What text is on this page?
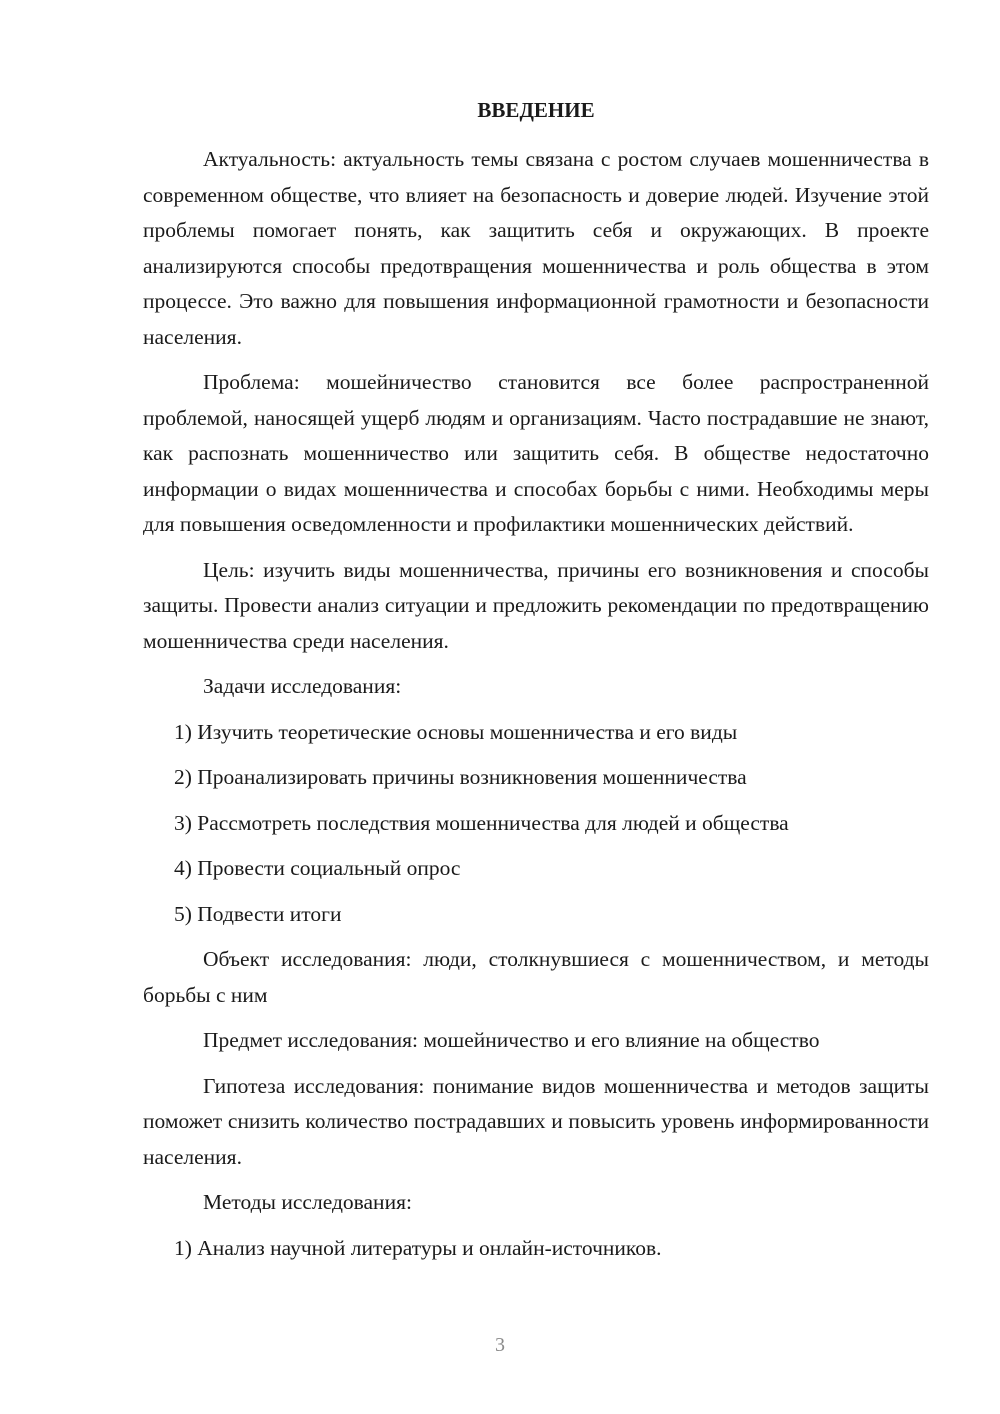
ВВЕДЕНИЕ

Актуальность: актуальность темы связана с ростом случаев мошенничества в современном обществе, что влияет на безопасность и доверие людей. Изучение этой проблемы помогает понять, как защитить себя и окружающих. В проекте анализируются способы предотвращения мошенничества и роль общества в этом процессе. Это важно для повышения информационной грамотности и безопасности населения.

Проблема: мошейничество становится все более распространенной проблемой, наносящей ущерб людям и организациям. Часто пострадавшие не знают, как распознать мошенничество или защитить себя. В обществе недостаточно информации о видах мошенничества и способах борьбы с ними. Необходимы меры для повышения осведомленности и профилактики мошеннических действий.

Цель: изучить виды мошенничества, причины его возникновения и способы защиты. Провести анализ ситуации и предложить рекомендации по предотвращению мошенничества среди населения.

Задачи исследования:

1) Изучить теоретические основы мошенничества и его виды

2) Проанализировать причины возникновения мошенничества

3) Рассмотреть последствия мошенничества для людей и общества

4) Провести социальный опрос

5) Подвести итоги

Объект исследования: люди, столкнувшиеся с мошенничеством, и методы борьбы с ним

Предмет исследования: мошейничество и его влияние на общество

Гипотеза исследования: понимание видов мошенничества и методов защиты поможет снизить количество пострадавших и повысить уровень информированности населения.

Методы исследования:

1) Анализ научной литературы и онлайн-источников.

3
